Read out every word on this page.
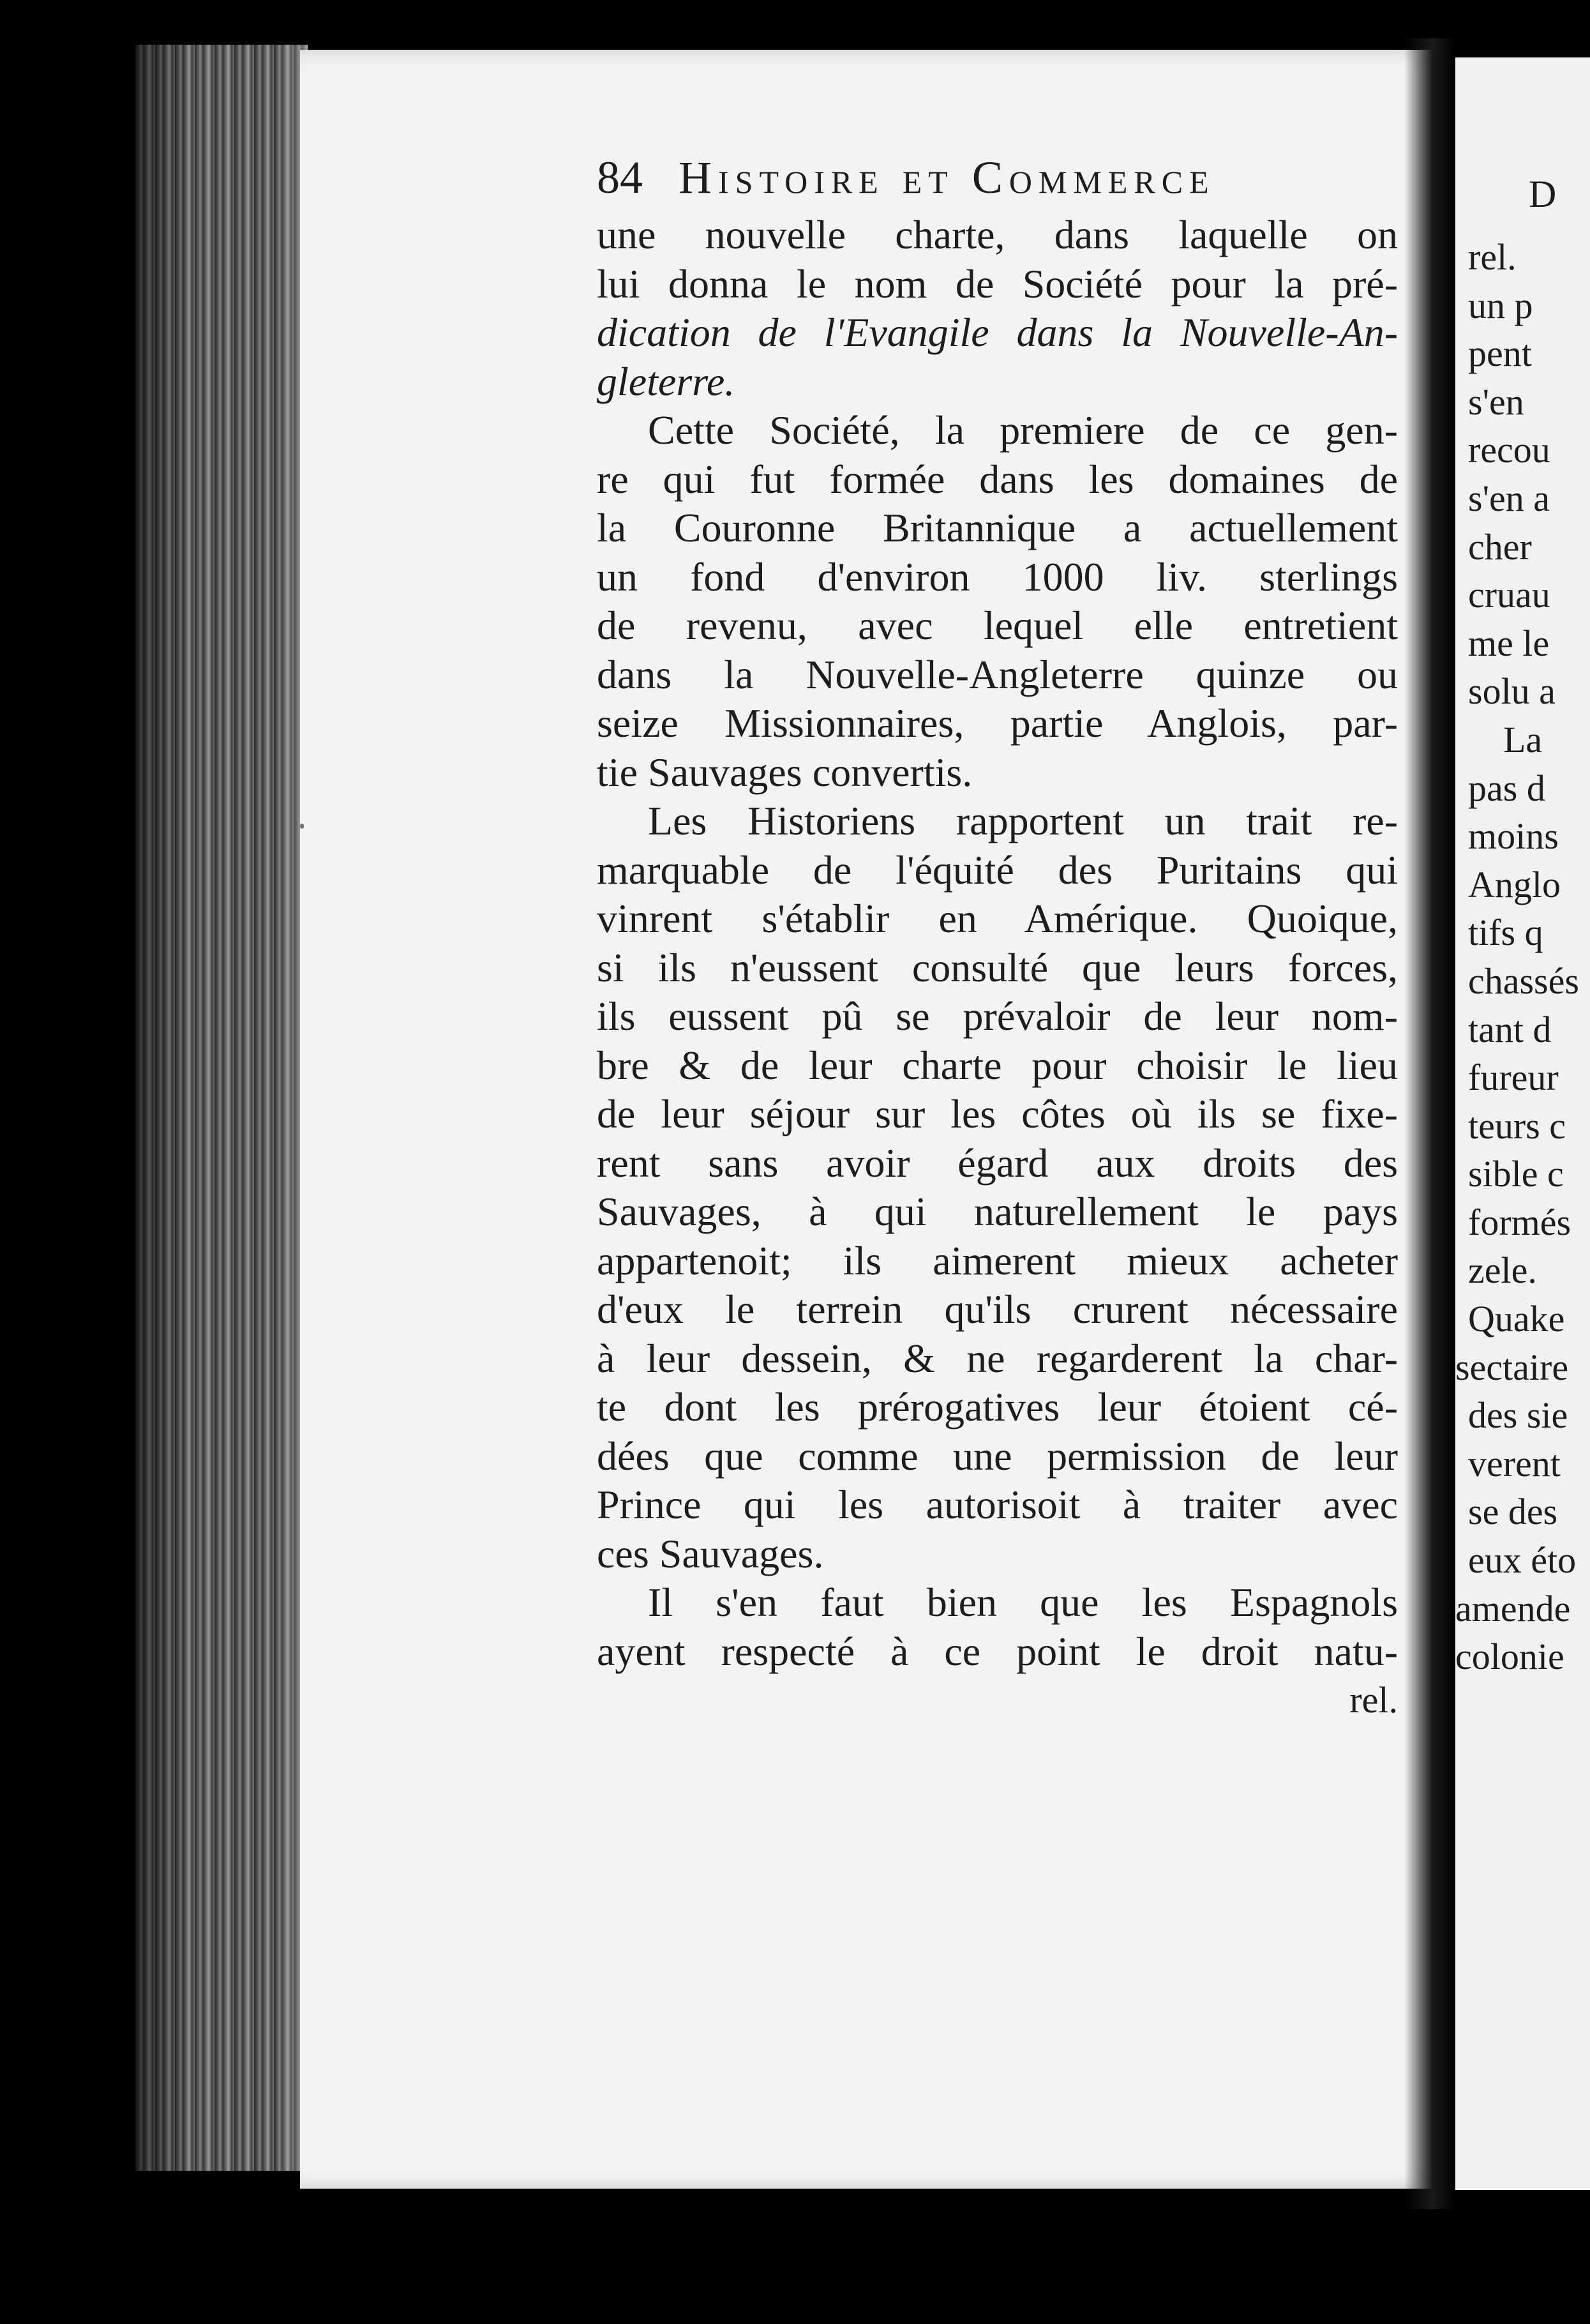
84 Histoire et Commerce
une nouvelle charte, dans laquelle on
lui donna le nom de Société pour la pré-
dication de l'Evangile dans la Nouvelle-An-
gleterre.
Cette Société, la premiere de ce gen-
re qui fut formée dans les domaines de
la Couronne Britannique a actuellement
un fond d'environ 1000 liv. sterlings
de revenu, avec lequel elle entretient
dans la Nouvelle-Angleterre quinze ou
seize Missionnaires, partie Anglois, par-
tie Sauvages convertis.
Les Historiens rapportent un trait re-
marquable de l'équité des Puritains qui
vinrent s'établir en Amérique. Quoique,
si ils n'eussent consulté que leurs forces,
ils eussent pû se prévaloir de leur nom-
bre & de leur charte pour choisir le lieu
de leur séjour sur les côtes où ils se fixe-
rent sans avoir égard aux droits des
Sauvages, à qui naturellement le pays
appartenoit; ils aimerent mieux acheter
d'eux le terrein qu'ils crurent nécessaire
à leur dessein, & ne regarderent la char-
te dont les prérogatives leur étoient cé-
dées que comme une permission de leur
Prince qui les autorisoit à traiter avec
ces Sauvages.
Il s'en faut bien que les Espagnols
ayent respecté à ce point le droit natu-
rel.
D
rel.
un p
pent
s'en
recou
s'en a
cher
cruau
me le
solu a
La
pas d
moins
Anglo
tifs q
chassés
tant d
fureur
teurs c
sible c
formés
zele.
Quake
sectaire
des sie
verent
se des
eux éto
amende
colonie
